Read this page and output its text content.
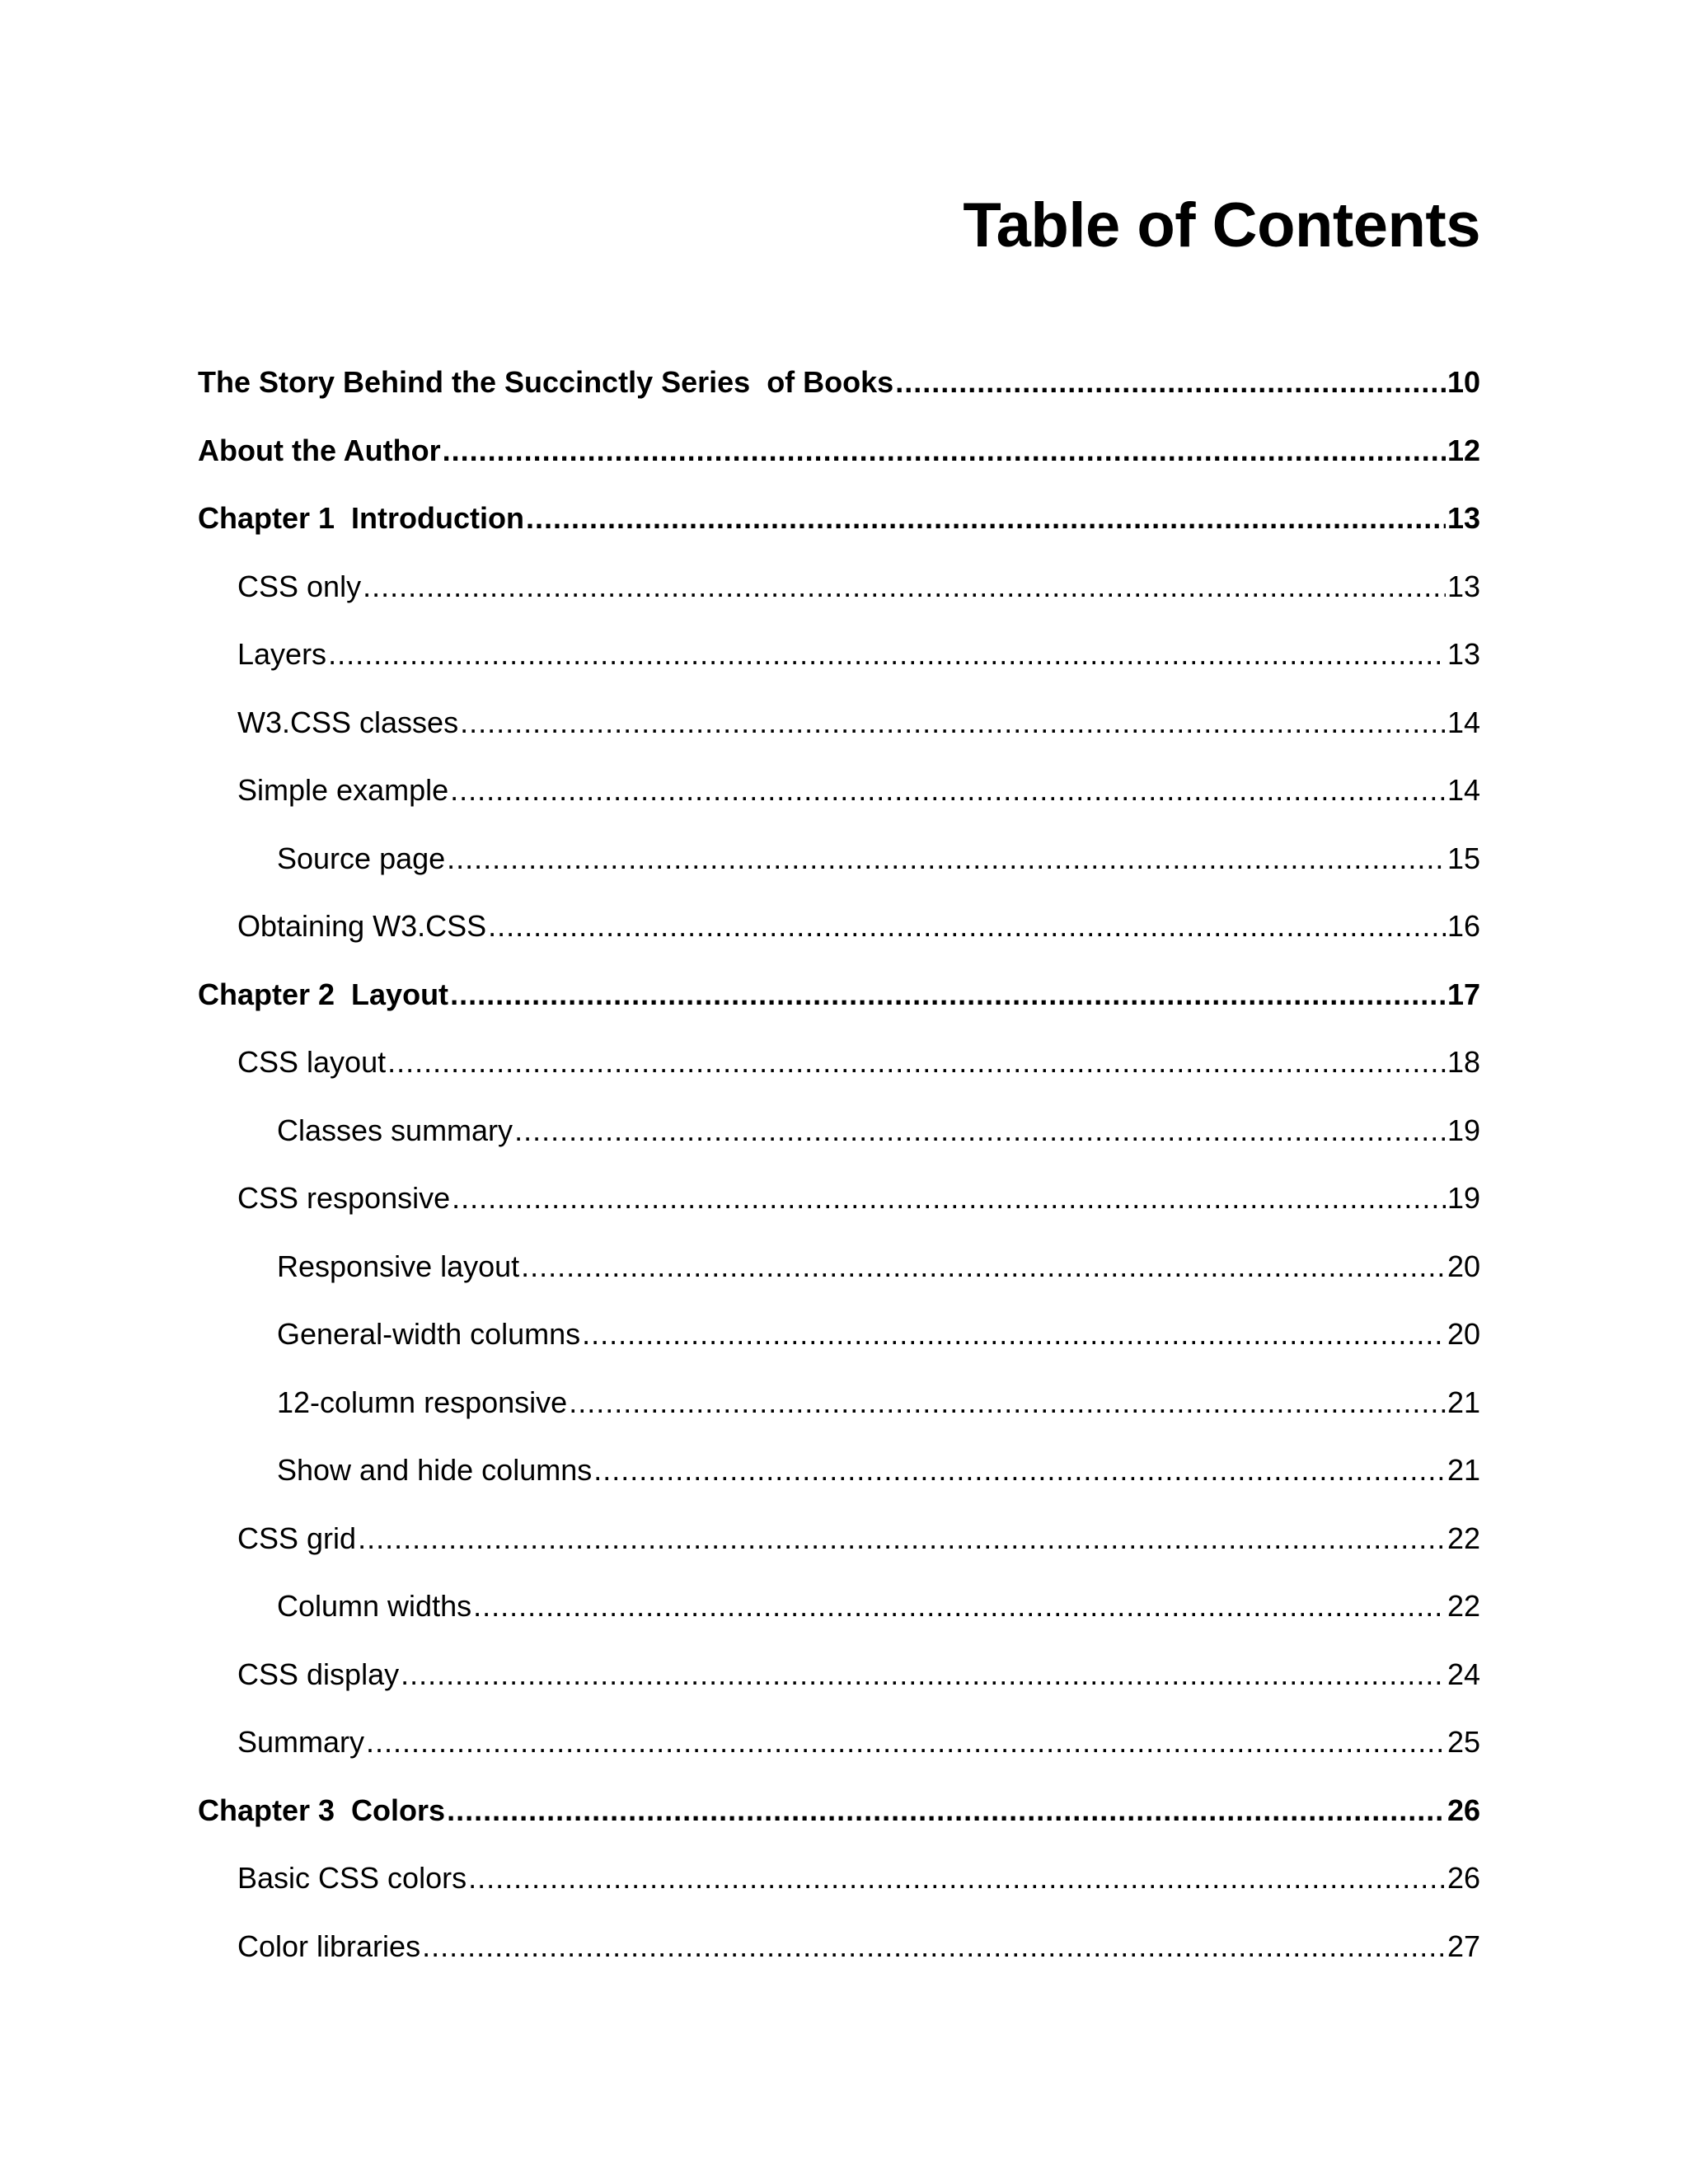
Table of Contents
The Story Behind the Succinctly Series  of Books .....	10
About the Author .....	12
Chapter 1  Introduction .....	13
CSS only .....	13
Layers .....	13
W3.CSS classes .....	14
Simple example .....	14
Source page .....	15
Obtaining W3.CSS .....	16
Chapter 2  Layout .....	17
CSS layout .....	18
Classes summary .....	19
CSS responsive .....	19
Responsive layout .....	20
General-width columns .....	20
12-column responsive .....	21
Show and hide columns .....	21
CSS grid .....	22
Column widths .....	22
CSS display .....	24
Summary .....	25
Chapter 3  Colors .....	26
Basic CSS colors .....	26
Color libraries .....	27
